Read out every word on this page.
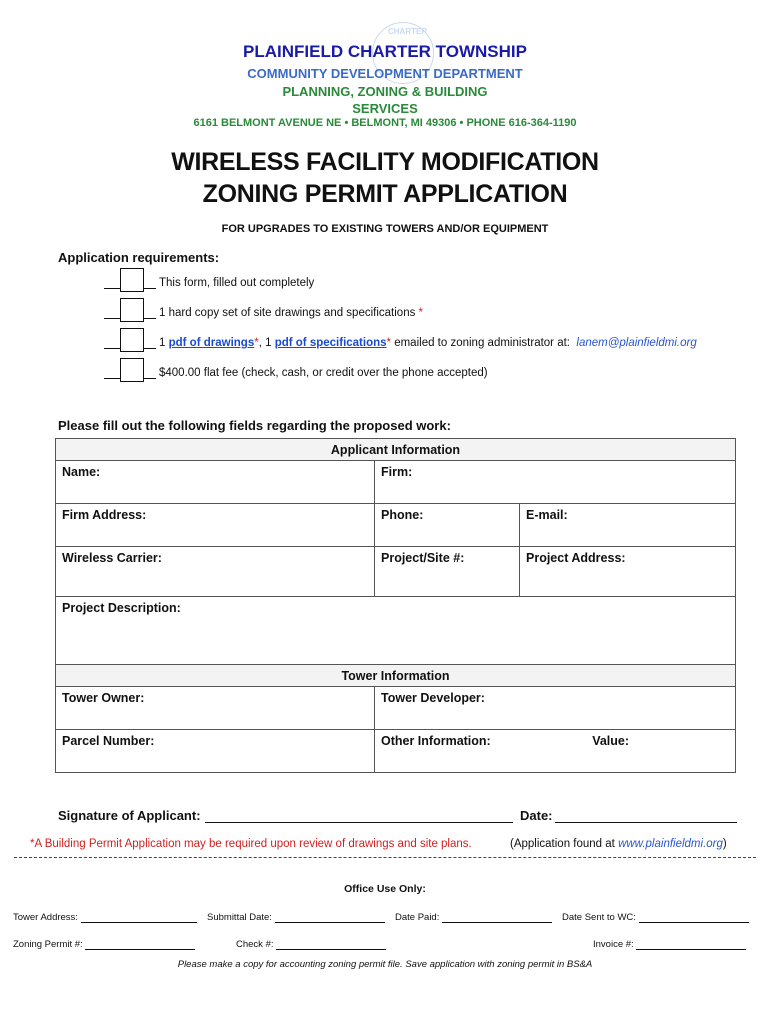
CHARTER
PLAINFIELD CHARTER TOWNSHIP
COMMUNITY DEVELOPMENT DEPARTMENT
PLANNING, ZONING & BUILDING
SERVICES
6161 BELMONT AVENUE NE • BELMONT, MI 49306 • PHONE 616-364-1190
WIRELESS FACILITY MODIFICATION
ZONING PERMIT APPLICATION
FOR UPGRADES TO EXISTING TOWERS AND/OR EQUIPMENT
Application requirements:
This form, filled out completely
1 hard copy set of site drawings and specifications *
1 pdf of drawings*, 1 pdf of specifications* emailed to zoning administrator at: lanem@plainfieldmi.org
$400.00 flat fee (check, cash, or credit over the phone accepted)
Please fill out the following fields regarding the proposed work:
Applicant Information		
Name:	Firm:	
Firm Address:	Phone:	E-mail:
Wireless Carrier:	Project/Site #:	Project Address:
Project Description:		
Tower Information		
Tower Owner:	Tower Developer:	
Parcel Number:	Other Information: Value:	
Signature of Applicant:	Date:
*A Building Permit Application may be required upon review of drawings and site plans.	(Application found at www.plainfieldmi.org)
Office Use Only:
Tower Address:	Submittal Date:	Date Paid:	Date Sent to WC:
Zoning Permit #:	Check #:	Invoice #:
Please make a copy for accounting zoning permit file. Save application with zoning permit in BS&A
